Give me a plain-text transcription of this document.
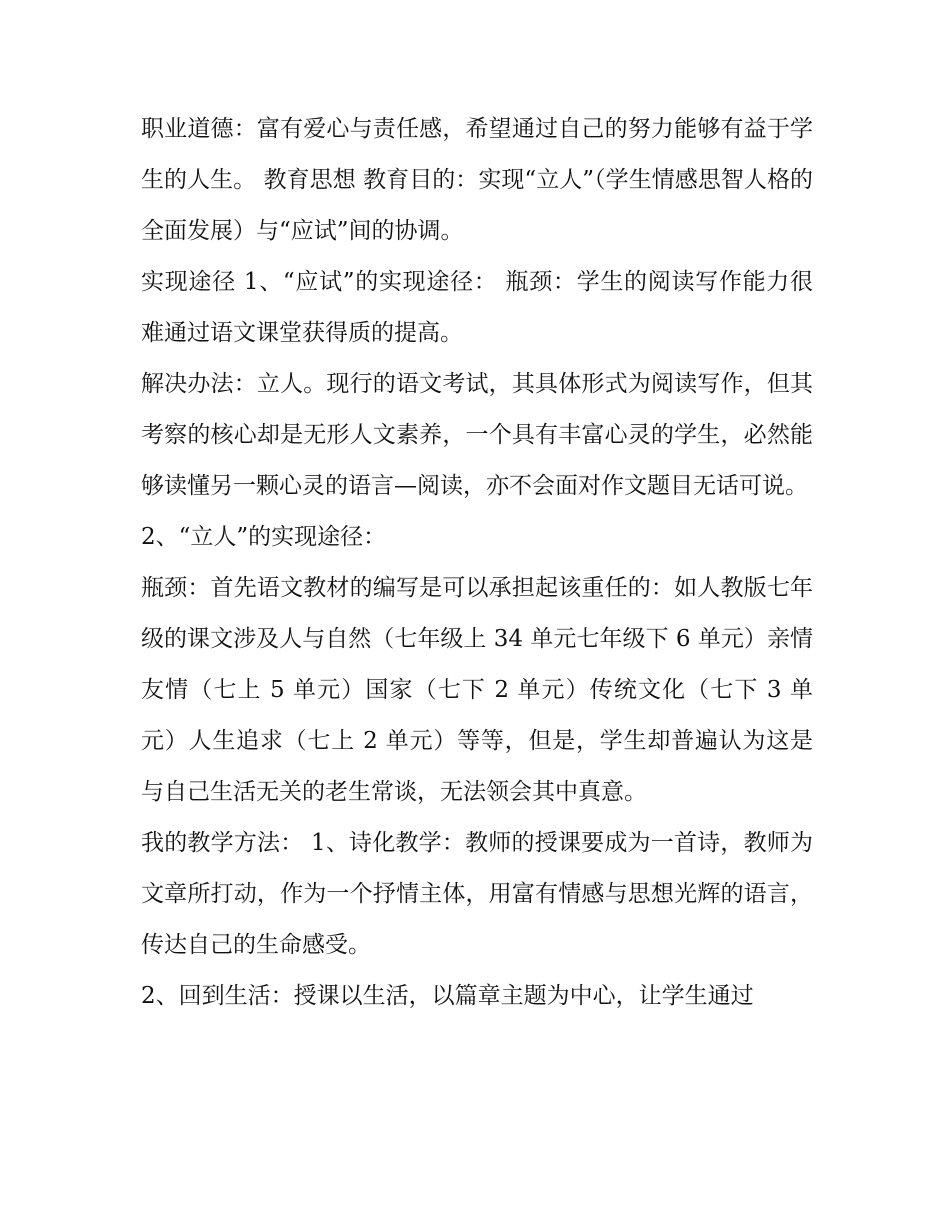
职业道德：富有爱心与责任感，希望通过自己的努力能够有益于学生的人生。 教育思想 教育目的：实现“立人”（学生情感思智人格的全面发展）与“应试”间的协调。

实现途径 1、“应试”的实现途径： 瓶颈：学生的阅读写作能力很难通过语文课堂获得质的提高。

解决办法：立人。现行的语文考试，其具体形式为阅读写作，但其考察的核心却是无形人文素养，一个具有丰富心灵的学生，必然能够读懂另一颗心灵的语言—阅读，亦不会面对作文题目无话可说。

2、“立人”的实现途径：

瓶颈：首先语文教材的编写是可以承担起该重任的：如人教版七年级的课文涉及人与自然（七年级上 34 单元七年级下 6 单元）亲情友情（七上 5 单元）国家（七下 2 单元）传统文化（七下 3 单元）人生追求（七上 2 单元）等等，但是，学生却普遍认为这是与自己生活无关的老生常谈，无法领会其中真意。

我的教学方法： 1、诗化教学：教师的授课要成为一首诗，教师为文章所打动，作为一个抒情主体，用富有情感与思想光辉的语言，传达自己的生命感受。

2、回到生活：授课以生活，以篇章主题为中心，让学生通过
